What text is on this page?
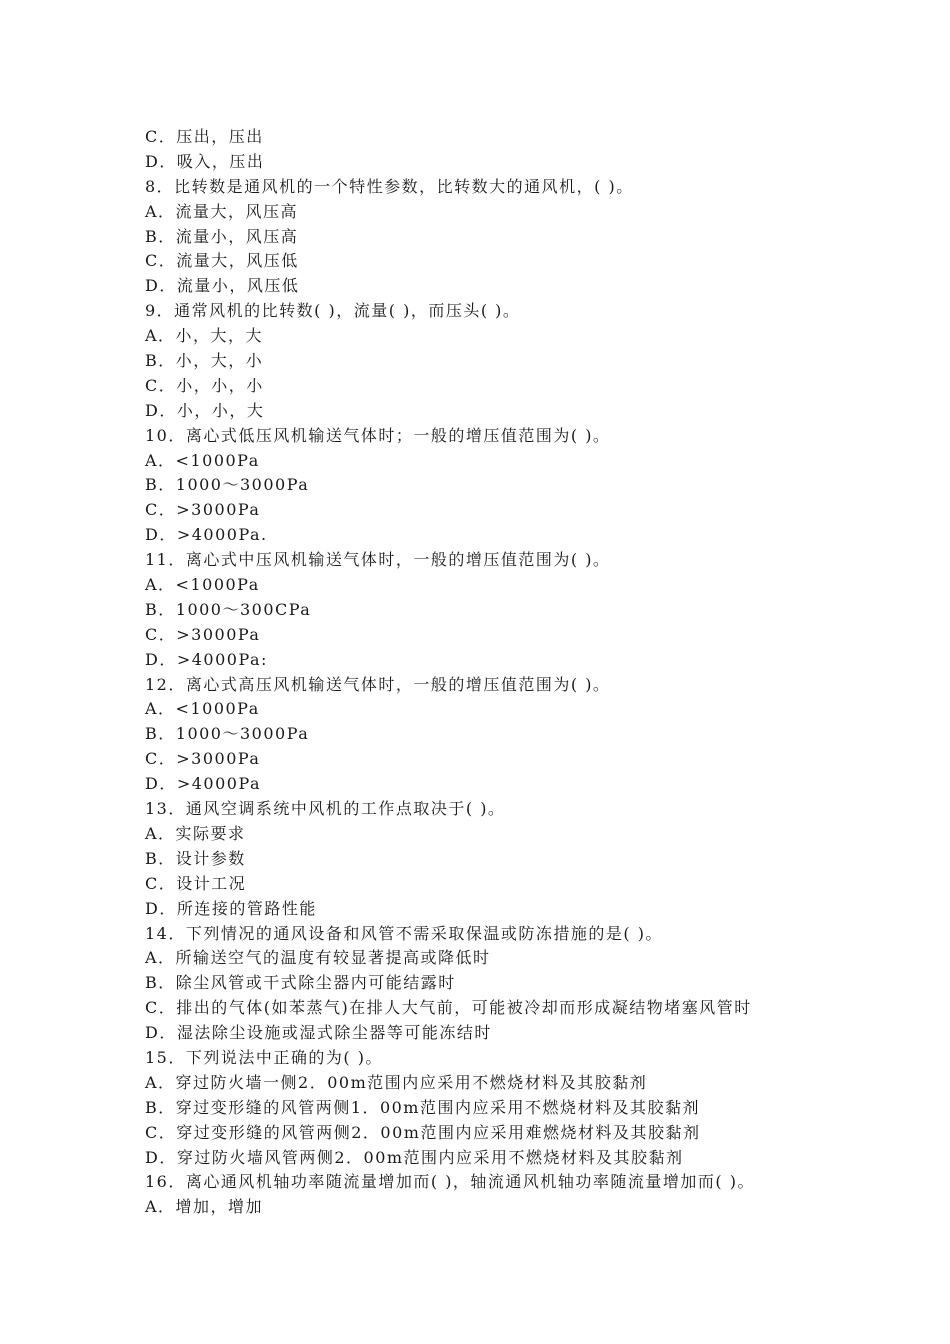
C．压出，压出
D．吸入，压出
8．比转数是通风机的一个特性参数，比转数大的通风机，( )。
A．流量大，风压高
B．流量小，风压高
C．流量大，风压低
D．流量小，风压低
9．通常风机的比转数( )，流量( )，而压头( )。
A．小，大，大
B．小，大，小
C．小，小，小
D．小，小，大
10．离心式低压风机输送气体时；一般的增压值范围为( )。
A．<1000Pa
B．1000～3000Pa
C．>3000Pa
D．>4000Pa.
11．离心式中压风机输送气体时，一般的增压值范围为( )。
A．<1000Pa
B．1000～300CPa
C．>3000Pa
D．>4000Pa:
12．离心式高压风机输送气体时，一般的增压值范围为( )。
A．<1000Pa
B．1000～3000Pa
C．>3000Pa
D．>4000Pa
13．通风空调系统中风机的工作点取决于( )。
A．实际要求
B．设计参数
C．设计工况
D．所连接的管路性能
14．下列情况的通风设备和风管不需采取保温或防冻措施的是( )。
A．所输送空气的温度有较显著提高或降低时
B．除尘风管或干式除尘器内可能结露时
C．排出的气体(如苯蒸气)在排人大气前，可能被冷却而形成凝结物堵塞风管时
D．湿法除尘设施或湿式除尘器等可能冻结时
15．下列说法中正确的为( )。
A．穿过防火墙一侧2．00m范围内应采用不燃烧材料及其胶黏剂
B．穿过变形缝的风管两侧1．00m范围内应采用不燃烧材料及其胶黏剂
C．穿过变形缝的风管两侧2．00m范围内应采用难燃烧材料及其胶黏剂
D．穿过防火墙风管两侧2．00m范围内应采用不燃烧材料及其胶黏剂
16．离心通风机轴功率随流量增加而( )，轴流通风机轴功率随流量增加而( )。
A．增加，增加
